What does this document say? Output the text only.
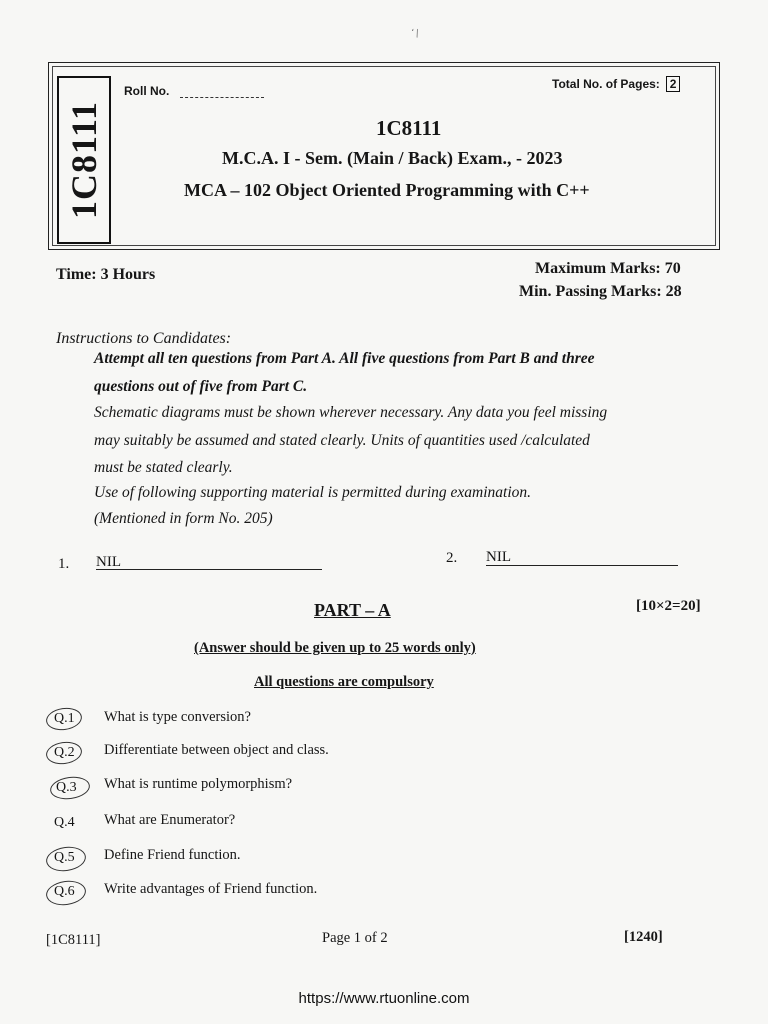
‘∖
1C8111
Roll No.	Total No. of Pages: 2
1C8111
M.C.A. I - Sem. (Main / Back) Exam., - 2023
MCA – 102 Object Oriented Programming with C++
Time: 3 Hours	Maximum Marks: 70
Min. Passing Marks: 28
Instructions to Candidates:
Attempt all ten questions from Part A. All five questions from Part B and three
questions out of five from Part C.
Schematic diagrams must be shown wherever necessary. Any data you feel missing
may suitably be assumed and stated clearly. Units of quantities used /calculated
must be stated clearly.
Use of following supporting material is permitted during examination.
(Mentioned in form No. 205)
1. NIL	2. NIL
PART – A	[10×2=20]
(Answer should be given up to 25 words only)
All questions are compulsory
Q.1 What is type conversion?
Q.2 Differentiate between object and class.
Q.3 What is runtime polymorphism?
Q.4 What are Enumerator?
Q.5 Define Friend function.
Q.6 Write advantages of Friend function.
[1C8111]	Page 1 of 2	[1240]
https://www.rtuonline.com
